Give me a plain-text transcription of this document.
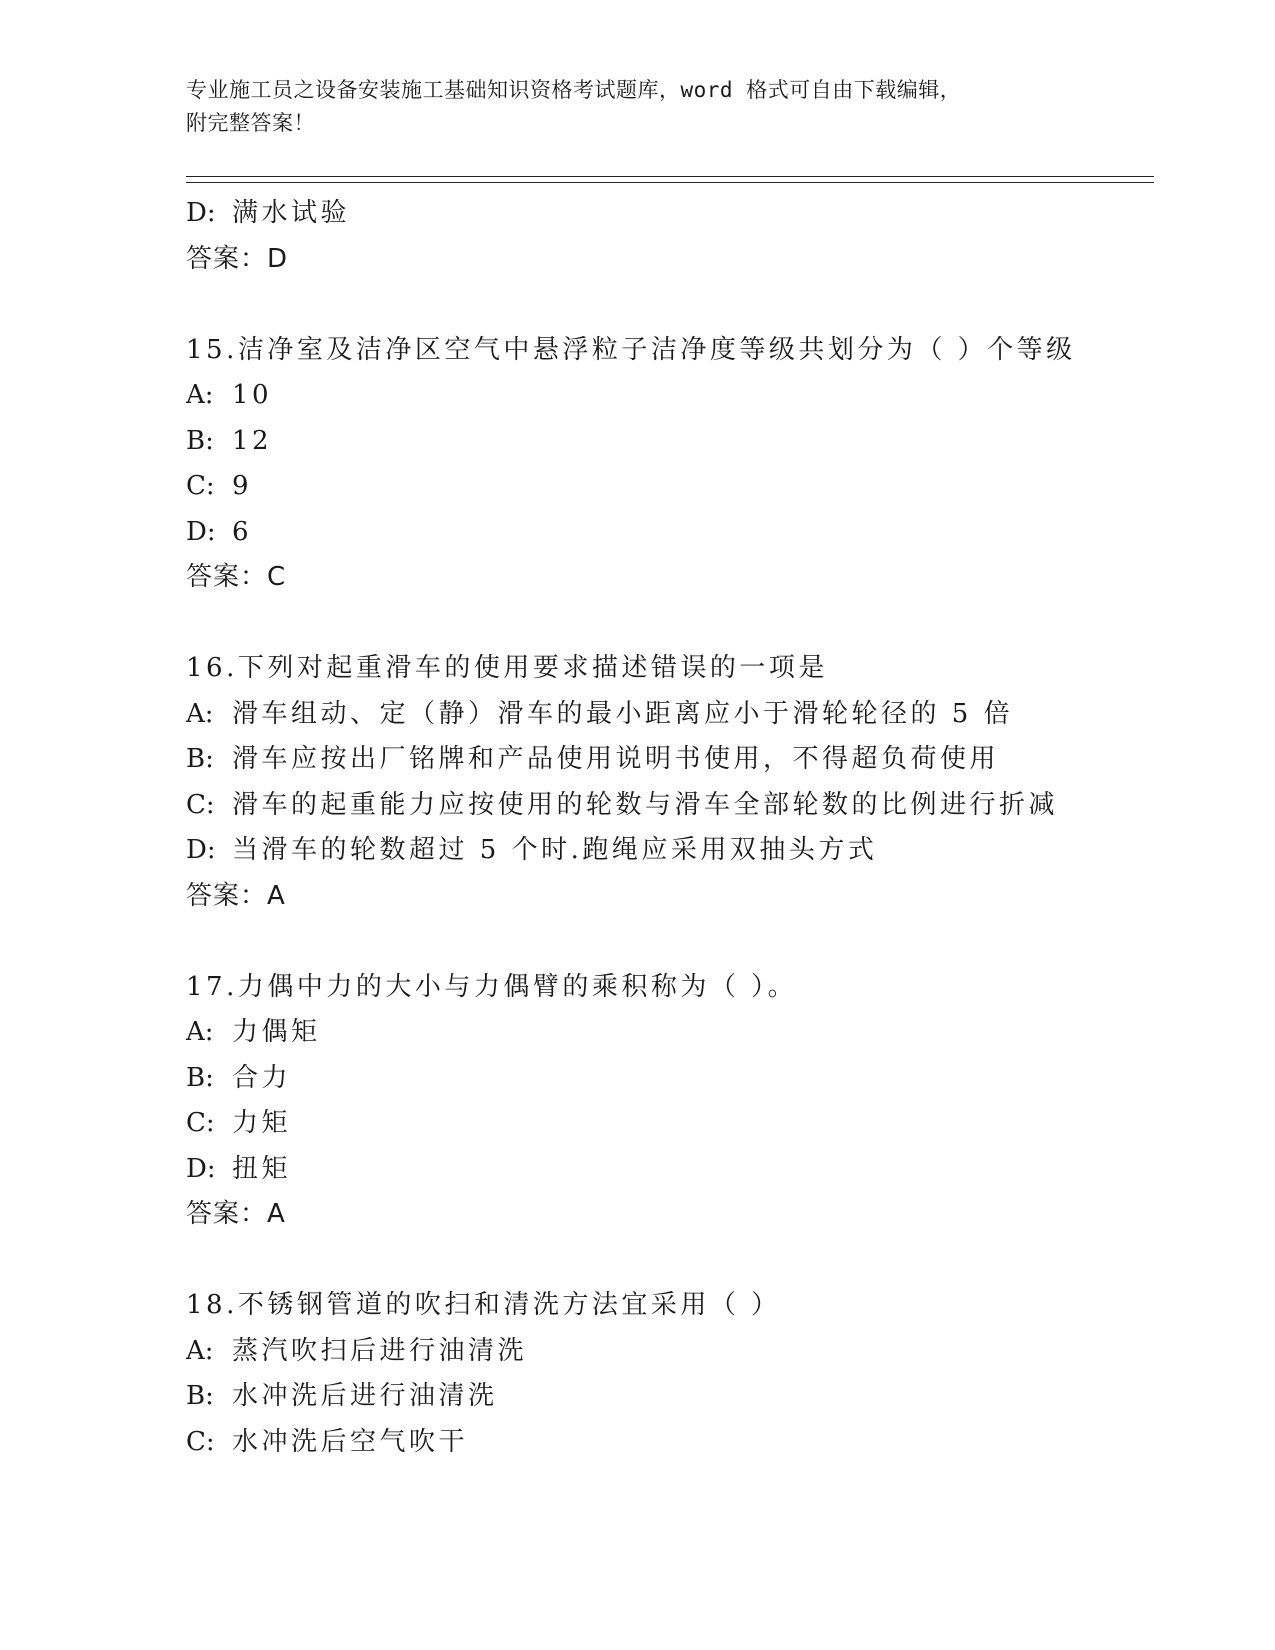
专业施工员之设备安装施工基础知识资格考试题库，word 格式可自由下载编辑，
附完整答案！
D: 满水试验
答案：D
15.洁净室及洁净区空气中悬浮粒子洁净度等级共划分为（ ）个等级
A: 10
B: 12
C: 9
D: 6
答案：C
16.下列对起重滑车的使用要求描述错误的一项是
A: 滑车组动、定（静）滑车的最小距离应小于滑轮轮径的 5 倍
B: 滑车应按出厂铭牌和产品使用说明书使用，不得超负荷使用
C: 滑车的起重能力应按使用的轮数与滑车全部轮数的比例进行折减
D: 当滑车的轮数超过 5 个时.跑绳应采用双抽头方式
答案：A
17.力偶中力的大小与力偶臂的乘积称为（ ）。
A: 力偶矩
B: 合力
C: 力矩
D: 扭矩
答案：A
18.不锈钢管道的吹扫和清洗方法宜采用（ ）
A: 蒸汽吹扫后进行油清洗
B: 水冲洗后进行油清洗
C: 水冲洗后空气吹干
